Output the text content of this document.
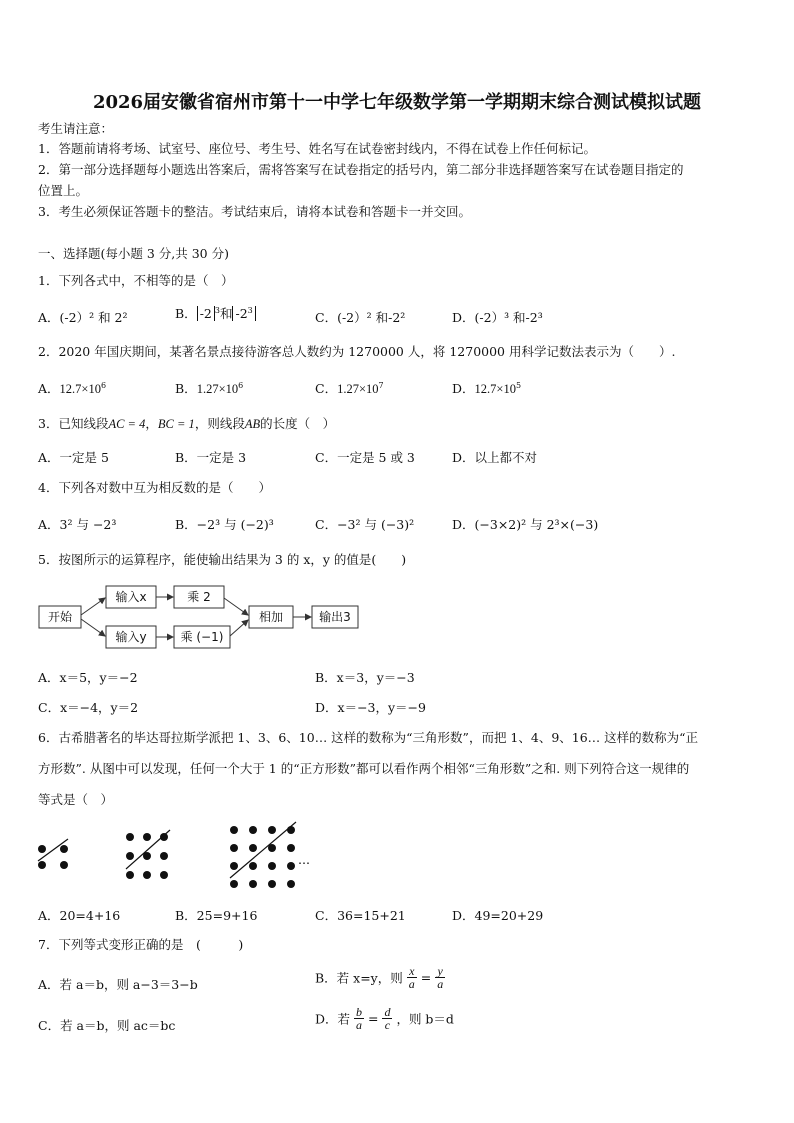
2026届安徽省宿州市第十一中学七年级数学第一学期期末综合测试模拟试题
考生请注意：
1．答题前请将考场、试室号、座位号、考生号、姓名写在试卷密封线内，不得在试卷上作任何标记。
2．第一部分选择题每小题选出答案后，需将答案写在试卷指定的括号内，第二部分非选择题答案写在试卷题目指定的
位置上。
3．考生必须保证答题卡的整洁。考试结束后，请将本试卷和答题卡一并交回。
一、选择题(每小题 3 分,共 30 分)
1．下列各式中，不相等的是（　）
A．(-2）² 和 2²	B． -2 $^3$和 $-2^3$	C．(-2）² 和-2²	D．(-2）³ 和-2³
2．2020 年国庆期间，某著名景点接待游客总人数约为 1270000 人，将 1270000 用科学记数法表示为（　　）.
A．$12.7\times 10^6$	B．$1.27\times 10^6$	C．$1.27\times 10^7$	D．$12.7\times 10^5$
3．已知线段AC = 4，BC = 1，则线段AB的长度（　）
A．一定是 5	B．一定是 3	C．一定是 5 或 3	D．以上都不对
4．下列各对数中互为相反数的是（　　）
A．3² 与 −2³	B．−2³ 与 (−2)³	C．−3² 与 (−3)²	D．(−3×2)² 与 2³×(−3)
5．按图所示的运算程序，能使输出结果为 3 的 x，y 的值是(　　)
开始
输入x
输入y
乘 2
乘 (−1)
相加	输出3
A．x＝5，y＝−2	B．x＝3，y＝−3
C．x＝−4，y＝2	D．x＝−3，y＝−9
6．古希腊著名的毕达哥拉斯学派把 1、3、6、10… 这样的数称为“三角形数”，而把 1、4、9、16… 这样的数称为“正
方形数”. 从图中可以发现，任何一个大于 1 的“正方形数”都可以看作两个相邻“三角形数”之和. 则下列符合这一规律的
等式是（　）
…
A．20=4+16	B．25=9+16	C．36=15+21	D．49=20+29
7．下列等式变形正确的是　(　　　)
A．若 a＝b，则 a−3＝3−b	B．若 x=y，则 $\frac{x}{a} = \frac{y}{a}$
C．若 a＝b，则 ac＝bc	D．若 $\frac{b}{a} = \frac{d}{c}$ ，则 b＝d
